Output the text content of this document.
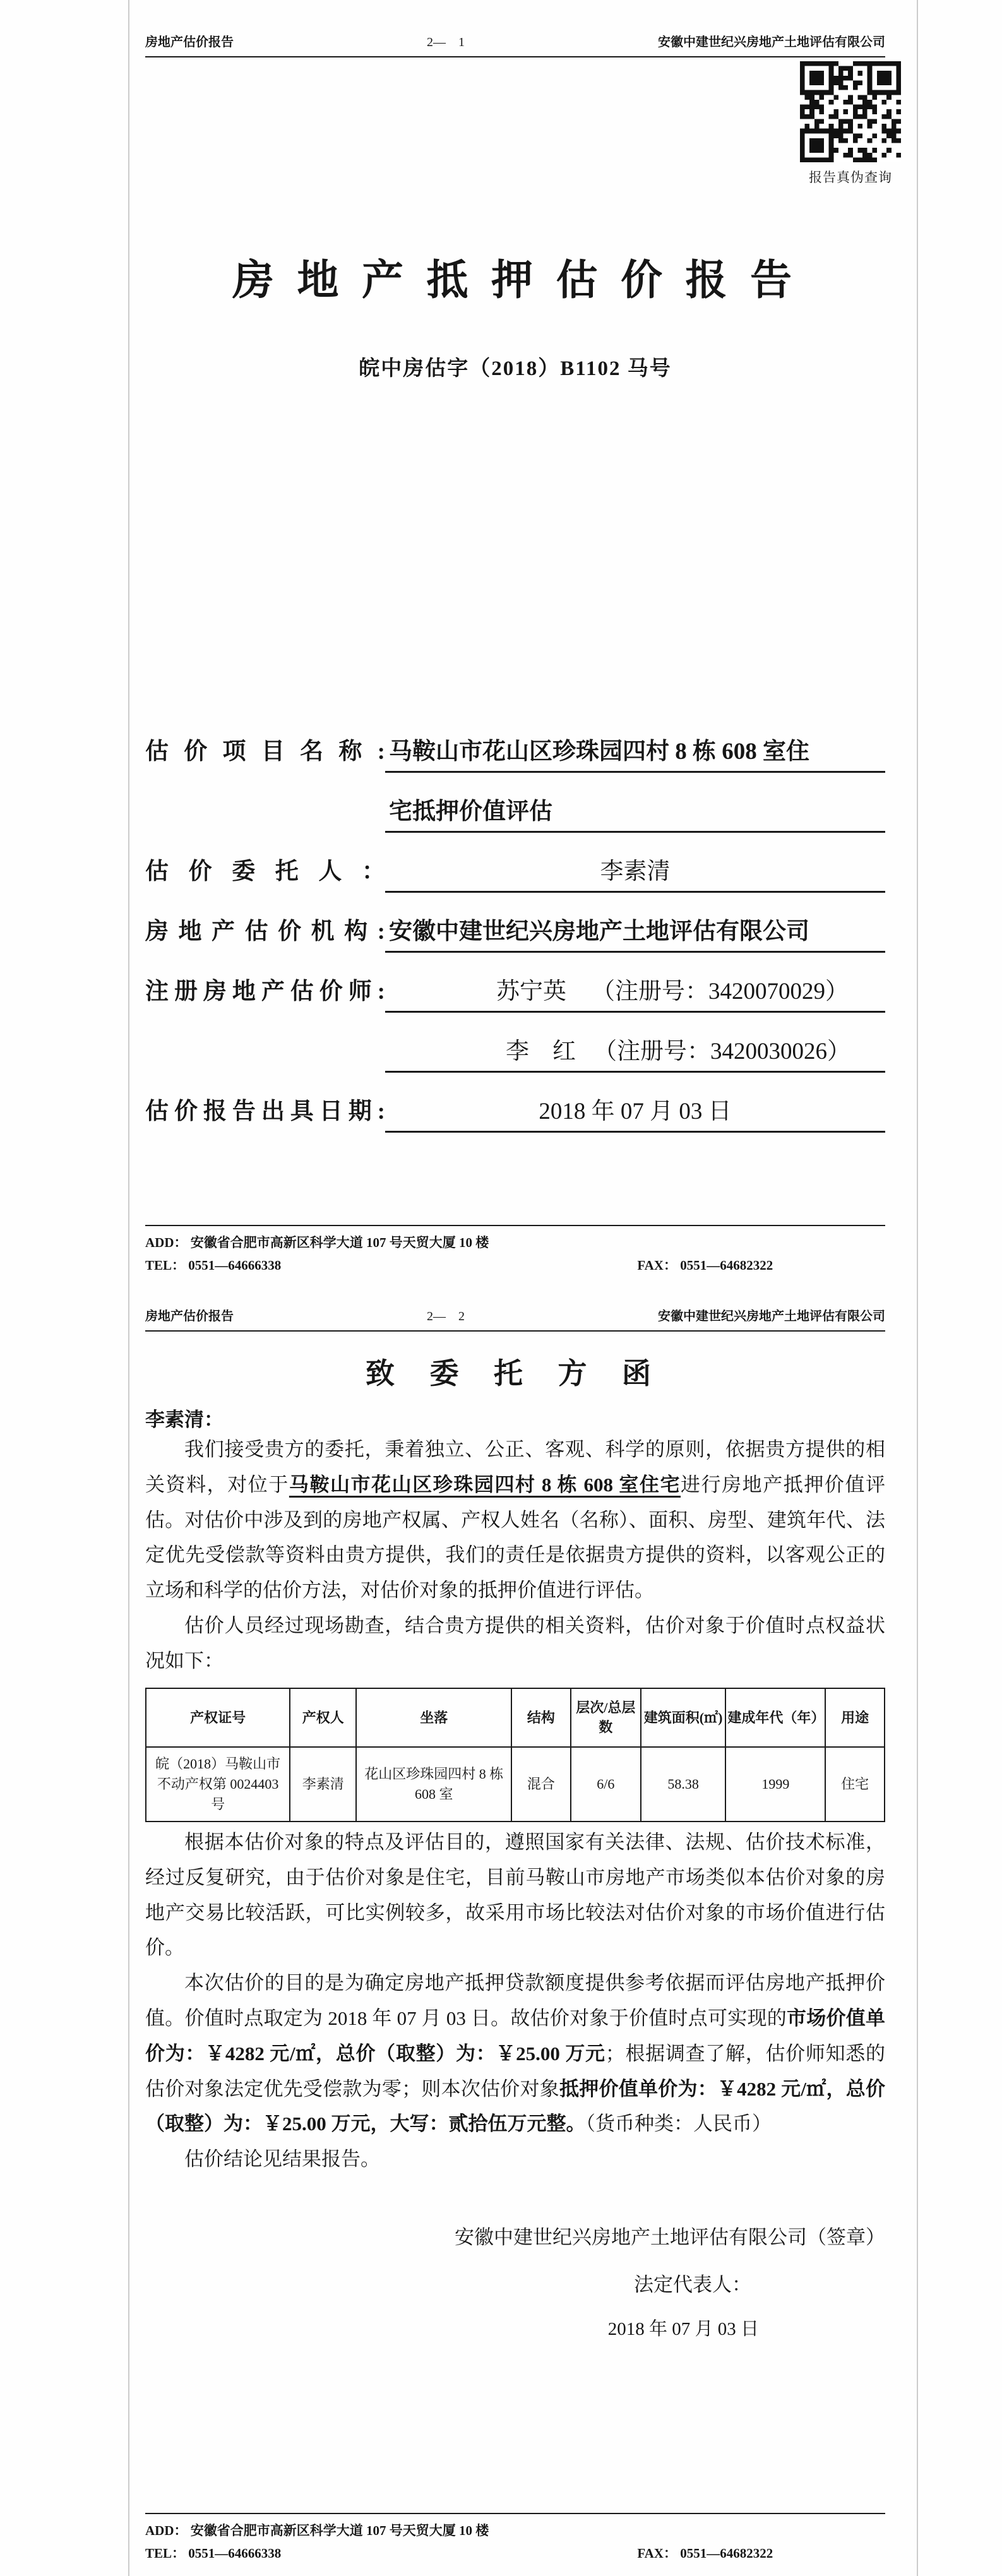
房地产估价报告	2—    1	安徽中建世纪兴房地产土地评估有限公司
报告真伪查询
房 地 产 抵 押 估 价 报 告
皖中房估字（2018）B1102 马号
估价项目名称: 马鞍山市花山区珍珠园四村 8 栋 608 室住
宅抵押价值评估
估价委托人：	李素清
房地产估价机构: 安徽中建世纪兴房地产土地评估有限公司
注册房地产估价师:	苏宁英 （注册号：3420070029）
李　红 （注册号：3420030026）
估价报告出具日期:	2018 年 07 月 03 日
ADD： 安徽省合肥市高新区科学大道 107 号天贸大厦 10 楼
TEL： 0551—64666338	FAX： 0551—64682322
房地产估价报告	2—    2	安徽中建世纪兴房地产土地评估有限公司
致 委 托 方 函
李素清：

我们接受贵方的委托，秉着独立、公正、客观、科学的原则，依据贵方提供的相关资料，对位于马鞍山市花山区珍珠园四村 8 栋 608 室住宅进行房地产抵押价值评估。对估价中涉及到的房地产权属、产权人姓名（名称）、面积、房型、建筑年代、法定优先受偿款等资料由贵方提供，我们的责任是依据贵方提供的资料，以客观公正的立场和科学的估价方法，对估价对象的抵押价值进行评估。

估价人员经过现场勘查，结合贵方提供的相关资料，估价对象于价值时点权益状况如下：

产权证号	产权人	坐落	结构	层次/总层数	建筑面积(㎡)	建成年代（年）	用途
皖（2018）马鞍山市不动产权第 0024403 号	李素清	花山区珍珠园四村 8 栋 608 室	混合	6/6	58.38	1999	住宅

根据本估价对象的特点及评估目的，遵照国家有关法律、法规、估价技术标准，经过反复研究，由于估价对象是住宅，目前马鞍山市房地产市场类似本估价对象的房地产交易比较活跃，可比实例较多，故采用市场比较法对估价对象的市场价值进行估价。

本次估价的目的是为确定房地产抵押贷款额度提供参考依据而评估房地产抵押价值。价值时点取定为 2018 年 07 月 03 日。故估价对象于价值时点可实现的市场价值单价为：￥4282 元/㎡，总价（取整）为：￥25.00 万元；根据调查了解，估价师知悉的估价对象法定优先受偿款为零；则本次估价对象抵押价值单价为：￥4282 元/㎡，总价（取整）为：￥25.00 万元，大写：贰拾伍万元整。（货币种类：人民币）

估价结论见结果报告。

安徽中建世纪兴房地产土地评估有限公司（签章）
法定代表人：
2018 年 07 月 03 日
ADD： 安徽省合肥市高新区科学大道 107 号天贸大厦 10 楼
TEL： 0551—64666338	FAX： 0551—64682322
